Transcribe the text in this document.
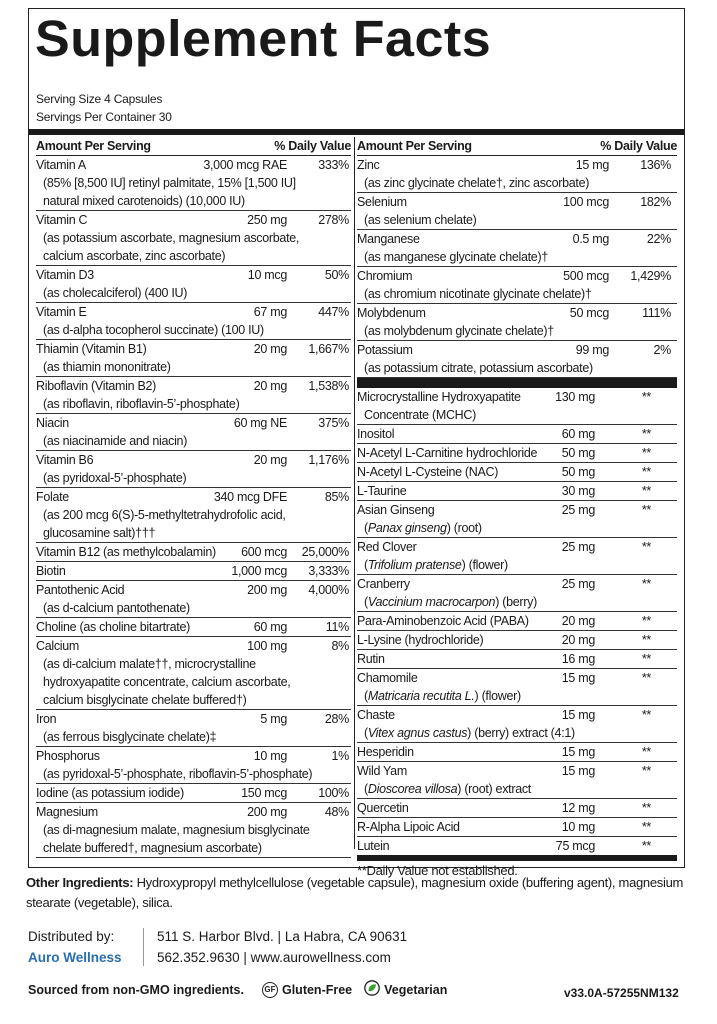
Supplement Facts
Serving Size 4 Capsules
Servings Per Container 30
Amount Per Serving	% Daily Value
Vitamin A	3,000 mcg RAE 333%
(85% [8,500 IU] retinyl palmitate, 15% [1,500 IU]
natural mixed carotenoids) (10,000 IU)
Vitamin C	250 mg 278%
(as potassium ascorbate, magnesium ascorbate,
calcium ascorbate, zinc ascorbate)
Vitamin D3	10 mcg	50%
(as cholecalciferol) (400 IU)
Vitamin E	67 mg 447%
(as d-alpha tocopherol succinate) (100 IU)
Thiamin (Vitamin B1)	20 mg 1,667%
(as thiamin mononitrate)
Riboflavin (Vitamin B2)	20 mg 1,538%
(as riboflavin, riboflavin-5’-phosphate)
Niacin	60 mg NE 375%
(as niacinamide and niacin)
Vitamin B6	20 mg 1,176%
(as pyridoxal-5’-phosphate)
Folate	340 mcg DFE	85%
(as 200 mcg 6(S)-5-methyltetrahydrofolic acid,
glucosamine salt)†††
Vitamin B12 (as methylcobalamin) 600 mcg 25,000%
Biotin	1,000 mcg 3,333%
Pantothenic Acid	200 mg 4,000%
(as d-calcium pantothenate)
Choline (as choline bitartrate)	60 mg	11%
Calcium	100 mg	8%
(as di-calcium malate††, microcrystalline
hydroxyapatite concentrate, calcium ascorbate,
calcium bisglycinate chelate buffered†)
Iron	5 mg	28%
(as ferrous bisglycinate chelate)‡
Phosphorus	10 mg	1%
(as pyridoxal-5’-phosphate, riboflavin-5’-phosphate)
Iodine (as potassium iodide)	150 mcg 100%
Magnesium	200 mg	48%
(as di-magnesium malate, magnesium bisglycinate
chelate buffered†, magnesium ascorbate)
Amount Per Serving	% Daily Value
Zinc	15 mg 136%
(as zinc glycinate chelate†, zinc ascorbate)
Selenium	100 mcg 182%
(as selenium chelate)
Manganese	0.5 mg	22%
(as manganese glycinate chelate)†
Chromium	500 mcg 1,429%
(as chromium nicotinate glycinate chelate)†
Molybdenum	50 mcg	111%
(as molybdenum glycinate chelate)†
Potassium	99 mg	2%
(as potassium citrate, potassium ascorbate)
Microcrystalline Hydroxyapatite	130 mg	**
Concentrate (MCHC)
Inositol	60 mg	**
N-Acetyl L-Carnitine hydrochloride 50 mg	**
N-Acetyl L-Cysteine (NAC)	50 mg	**
L-Taurine	30 mg	**
Asian Ginseng	25 mg	**
(Panax ginseng) (root)
Red Clover	25 mg	**
(Trifolium pratense) (flower)
Cranberry	25 mg	**
(Vaccinium macrocarpon) (berry)
Para-Aminobenzoic Acid (PABA)	20 mg	**
L-Lysine (hydrochloride)	20 mg	**
Rutin	16 mg	**
Chamomile	15 mg	**
(Matricaria recutita L.) (flower)
Chaste	15 mg	**
(Vitex agnus castus) (berry) extract (4:1)
Hesperidin	15 mg	**
Wild Yam	15 mg	**
(Dioscorea villosa) (root) extract
Quercetin	12 mg	**
R-Alpha Lipoic Acid	10 mg	**
Lutein	75 mcg	**
**Daily Value not established.
Other Ingredients: Hydroxypropyl methylcellulose (vegetable capsule), magnesium oxide (buffering agent), magnesium stearate (vegetable), silica.
Distributed by:
Auro Wellness
511 S. Harbor Blvd. | La Habra, CA 90631
562.352.9630 | www.aurowellness.com
Sourced from non-GMO ingredients.	GF Gluten-Free	Vegetarian	v33.0A-57255NM132
